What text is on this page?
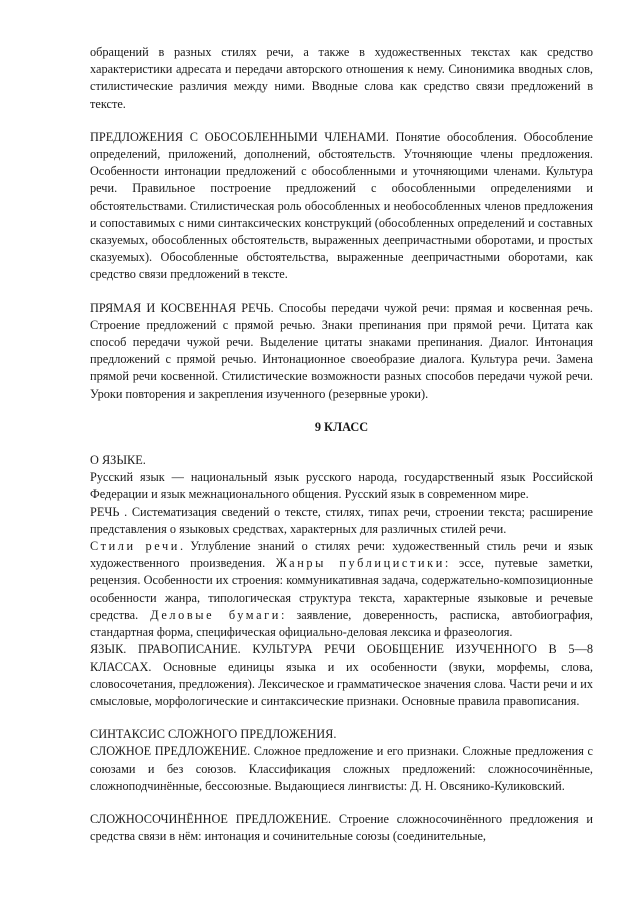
обращений в разных стилях речи, а также в художественных текстах как средство характеристики адресата и передачи авторского отношения к нему. Синонимика вводных слов, стилистические различия между ними. Вводные слова как средство связи предложений в тексте.

ПРЕДЛОЖЕНИЯ С ОБОСОБЛЕННЫМИ ЧЛЕНАМИ. Понятие обособления. Обособление определений, приложений, дополнений, обстоятельств. Уточняющие члены предложения. Особенности интонации предложений с обособленными и уточняющими членами. Культура речи. Правильное построение предложений с обособленными определениями и обстоятельствами. Стилистическая роль обособленных и необособленных членов предложения и сопоставимых с ними синтаксических конструкций (обособленных определений и составных сказуемых, обособленных обстоятельств, выраженных деепричастными оборотами, и простых сказуемых). Обособленные обстоятельства, выраженные деепричастными оборотами, как средство связи предложений в тексте.

ПРЯМАЯ И КОСВЕННАЯ РЕЧЬ. Способы передачи чужой речи: прямая и косвенная речь. Строение предложений с прямой речью. Знаки препинания при прямой речи. Цитата как способ передачи чужой речи. Выделение цитаты знаками препинания. Диалог. Интонация предложений с прямой речью. Интонационное своеобразие диалога. Культура речи. Замена прямой речи косвенной. Стилистические возможности разных способов передачи чужой речи. Уроки повторения и закрепления изученного (резервные уроки).

9 КЛАСС

О ЯЗЫКЕ.

Русский язык — национальный язык русского народа, государственный язык Российской Федерации и язык межнационального общения. Русский язык в современном мире.

РЕЧЬ . Систематизация сведений о тексте, стилях, типах речи, строении текста; расширение представления о языковых средствах, характерных для различных стилей речи.

Стили речи. Углубление знаний о стилях речи: художественный стиль речи и язык художественного произведения. Жанры публицистики: эссе, путевые заметки, рецензия. Особенности их строения: коммуникативная задача, содержательно-композиционные особенности жанра, типологическая структура текста, характерные языковые и речевые средства. Деловые бумаги: заявление, доверенность, расписка, автобиография, стандартная форма, специфическая официально-деловая лексика и фразеология.

ЯЗЫК. ПРАВОПИСАНИЕ. КУЛЬТУРА РЕЧИ ОБОБЩЕНИЕ ИЗУЧЕННОГО В 5—8 КЛАССАХ. Основные единицы языка и их особенности (звуки, морфемы, слова, словосочетания, предложения). Лексическое и грамматическое значения слова. Части речи и их смысловые, морфологические и синтаксические признаки. Основные правила правописания.

СИНТАКСИС СЛОЖНОГО ПРЕДЛОЖЕНИЯ.

СЛОЖНОЕ ПРЕДЛОЖЕНИЕ. Сложное предложение и его признаки. Сложные предложения с союзами и без союзов. Классификация сложных предложений: сложносочинённые, сложноподчинённые, бессоюзные. Выдающиеся лингвисты: Д. Н. Овсянико-Куликовский.

СЛОЖНОСОЧИНЁННОЕ ПРЕДЛОЖЕНИЕ. Строение сложносочинённого предложения и средства связи в нём: интонация и сочинительные союзы (соединительные,
